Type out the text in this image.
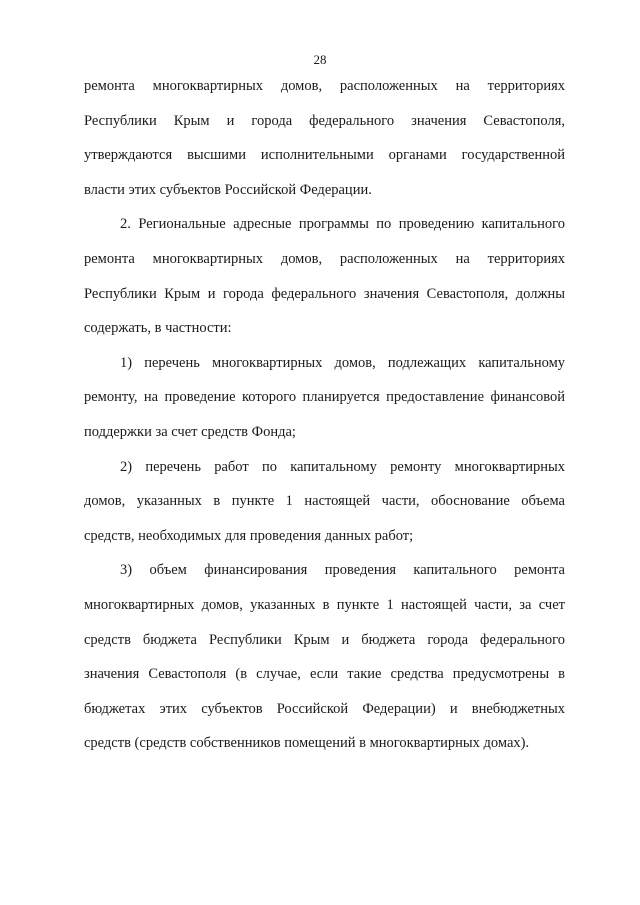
28
ремонта многоквартирных домов, расположенных на территориях
Республики Крым и города федерального значения Севастополя,
утверждаются высшими исполнительными органами государственной
власти этих субъектов Российской Федерации.
2. Региональные адресные программы по проведению капитального
ремонта многоквартирных домов, расположенных на территориях
Республики Крым и города федерального значения Севастополя, должны
содержать, в частности:
1) перечень многоквартирных домов, подлежащих капитальному
ремонту, на проведение которого планируется предоставление финансовой
поддержки за счет средств Фонда;
2) перечень работ по капитальному ремонту многоквартирных
домов, указанных в пункте 1 настоящей части, обоснование объема
средств, необходимых для проведения данных работ;
3) объем финансирования проведения капитального ремонта
многоквартирных домов, указанных в пункте 1 настоящей части, за счет
средств бюджета Республики Крым и бюджета города федерального
значения Севастополя (в случае, если такие средства предусмотрены в
бюджетах этих субъектов Российской Федерации) и внебюджетных
средств (средств собственников помещений в многоквартирных домах).
